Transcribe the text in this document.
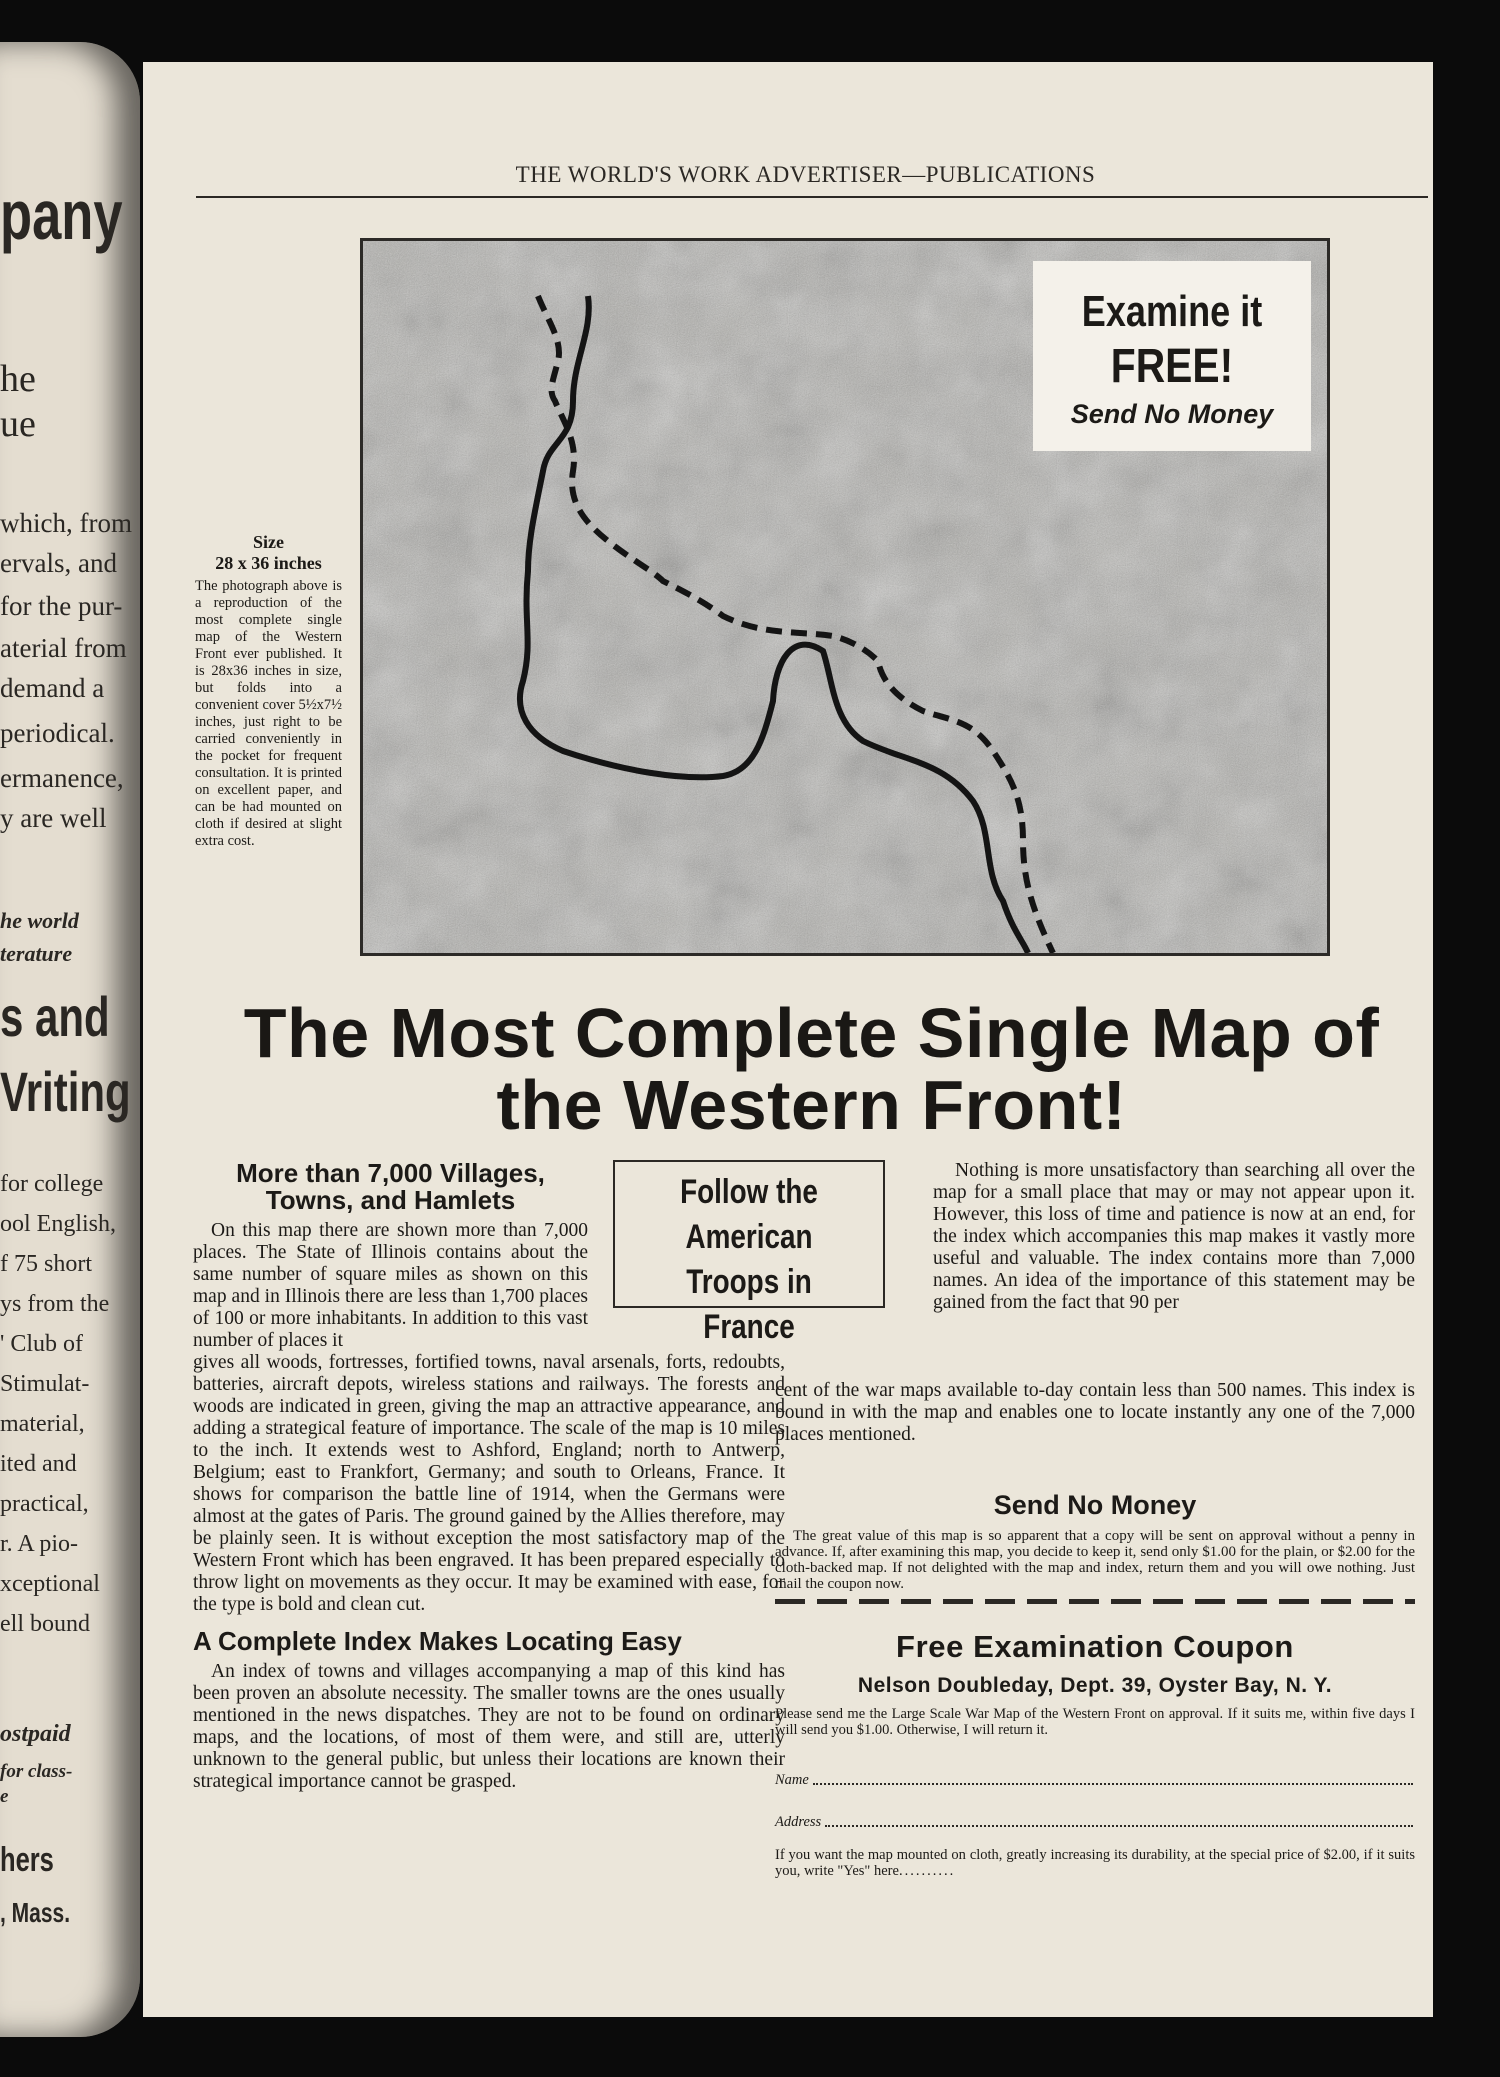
pany
he
ue
which, from
ervals, and
for the pur-
aterial from
demand a
periodical.
ermanence,
y are well
he world
terature
s and
Vriting
for college
ool English,
f 75 short
ys from the
' Club of
Stimulat-
material,
ited and
practical,
r. A pio-
xceptional
ell bound
ostpaid
for class-
e
hers
, Mass.
THE WORLD'S WORK ADVERTISER—PUBLICATIONS
Examine it
FREE!
Send No Money
Size
28 x 36 inches
The photograph above is a reproduction of the most complete single map of the Western Front ever published. It is 28x36 inches in size, but folds into a convenient cover 5½x7½ inches, just right to be carried conveniently in the pocket for frequent consultation. It is printed on excellent paper, and can be had mounted on cloth if desired at slight extra cost.
The Most Complete Single Map of
the Western Front!
More than 7,000 Villages,
Towns, and Hamlets

On this map there are shown more than 7,000 places. The State of Illinois contains about the same number of square miles as shown on this map and in Illinois there are less than 1,700 places of 100 or more inhabitants. In addition to this vast number of places it

gives all woods, fortresses, fortified towns, naval arsenals, forts, redoubts, batteries, aircraft depots, wireless stations and railways. The forests and woods are indicated in green, giving the map an attractive appearance, and adding a strategical feature of importance. The scale of the map is 10 miles to the inch. It extends west to Ashford, England; north to Antwerp, Belgium; east to Frankfort, Germany; and south to Orleans, France. It shows for comparison the battle line of 1914, when the Germans were almost at the gates of Paris. The ground gained by the Allies therefore, may be plainly seen. It is without exception the most satisfactory map of the Western Front which has been engraved. It has been prepared especially to throw light on movements as they occur. It may be examined with ease, for the type is bold and clean cut.

A Complete Index Makes Locating Easy

An index of towns and villages accompanying a map of this kind has been proven an absolute necessity. The smaller towns are the ones usually mentioned in the news dispatches. They are not to be found on ordinary maps, and the locations, of most of them were, and still are, utterly unknown to the general public, but unless their locations are known their strategical importance cannot be grasped.

Follow the
American
Troops in France
Nothing is more unsatisfactory than searching all over the map for a small place that may or may not appear upon it. However, this loss of time and patience is now at an end, for the index which accompanies this map makes it vastly more useful and valuable. The index contains more than 7,000 names. An idea of the importance of this statement may be gained from the fact that 90 per
cent of the war maps available to-day contain less than 500 names. This index is bound in with the map and enables one to locate instantly any one of the 7,000 places mentioned.
Send No Money
The great value of this map is so apparent that a copy will be sent on approval without a penny in advance. If, after examining this map, you decide to keep it, send only $1.00 for the plain, or $2.00 for the cloth-backed map. If not delighted with the map and index, return them and you will owe nothing. Just mail the coupon now.
Free Examination Coupon
Nelson Doubleday, Dept. 39, Oyster Bay, N. Y.
Please send me the Large Scale War Map of the Western Front on approval. If it suits me, within five days I will send you $1.00. Otherwise, I will return it.
Name
Address
If you want the map mounted on cloth, greatly increasing its durability, at the special price of $2.00, if it suits you, write "Yes" here..........
